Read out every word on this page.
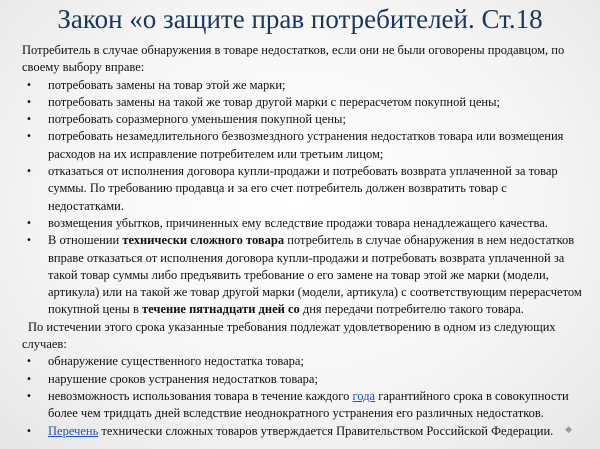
Закон «о защите прав потребителей. Ст.18

Потребитель в случае обнаружения в товаре недостатков, если они не были оговорены продавцом, по своему выбору вправе:

• потребовать замены на товар этой же марки;
• потребовать замены на такой же товар другой марки с перерасчетом покупной цены;
• потребовать соразмерного уменьшения покупной цены;
• потребовать незамедлительного безвозмездного устранения недостатков товара или возмещения расходов на их исправление потребителем или третьим лицом;
• отказаться от исполнения договора купли-продажи и потребовать возврата уплаченной за товар суммы. По требованию продавца и за его счет потребитель должен возвратить товар с недостатками.
• возмещения убытков, причиненных ему вследствие продажи товара ненадлежащего качества.
• В отношении технически сложного товара потребитель в случае обнаружения в нем недостатков вправе отказаться от исполнения договора купли-продажи и потребовать возврата уплаченной за такой товар суммы либо предъявить требование о его замене на товар этой же марки (модели, артикула) или на такой же товар другой марки (модели, артикула) с соответствующим перерасчетом покупной цены в течение пятнадцати дней со дня передачи потребителю такого товара.

По истечении этого срока указанные требования подлежат удовлетворению в одном из следующих случаев:

• обнаружение существенного недостатка товара;
• нарушение сроков устранения недостатков товара;
• невозможность использования товара в течение каждого года гарантийного срока в совокупности более чем тридцать дней вследствие неоднократного устранения его различных недостатков.
• Перечень технически сложных товаров утверждается Правительством Российской Федерации.	◆
